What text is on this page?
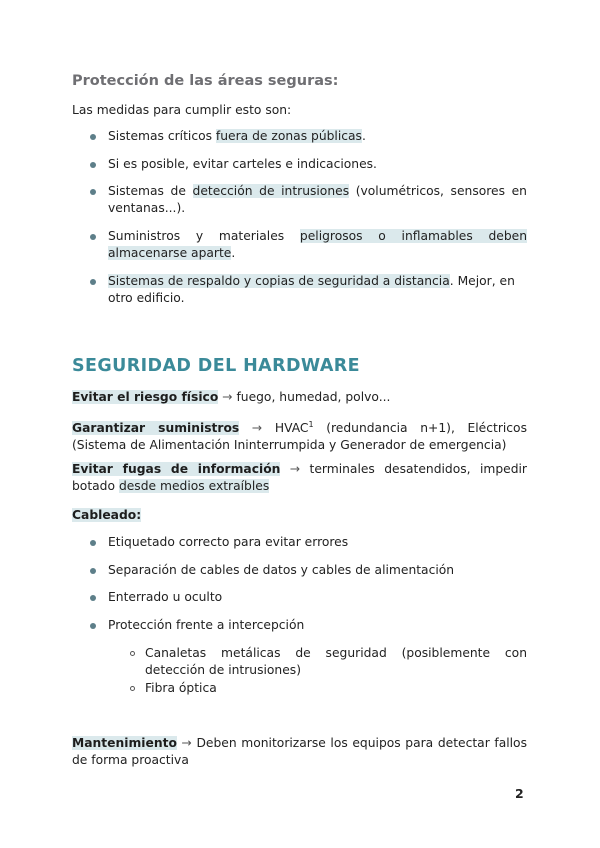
Protección de las áreas seguras:
Las medidas para cumplir esto son:
Sistemas críticos fuera de zonas públicas.
Si es posible, evitar carteles e indicaciones.
Sistemas de detección de intrusiones (volumétricos, sensores en ventanas...).
Suministros y materiales peligrosos o inflamables deben almacenarse aparte.
Sistemas de respaldo y copias de seguridad a distancia. Mejor, en otro edificio.
SEGURIDAD DEL HARDWARE
Evitar el riesgo físico → fuego, humedad, polvo...
Garantizar suministros → $HVAC^1$ (redundancia n+1), Eléctricos (Sistema de Alimentación Ininterrumpida y Generador de emergencia)
Evitar fugas de información → terminales desatendidos, impedir botado desde medios extraíbles
Cableado:
Etiquetado correcto para evitar errores
Separación de cables de datos y cables de alimentación
Enterrado u oculto
Protección frente a intercepción
Canaletas metálicas de seguridad (posiblemente con detección de intrusiones)
Fibra óptica
Mantenimiento → Deben monitorizarse los equipos para detectar fallos de forma proactiva
2
